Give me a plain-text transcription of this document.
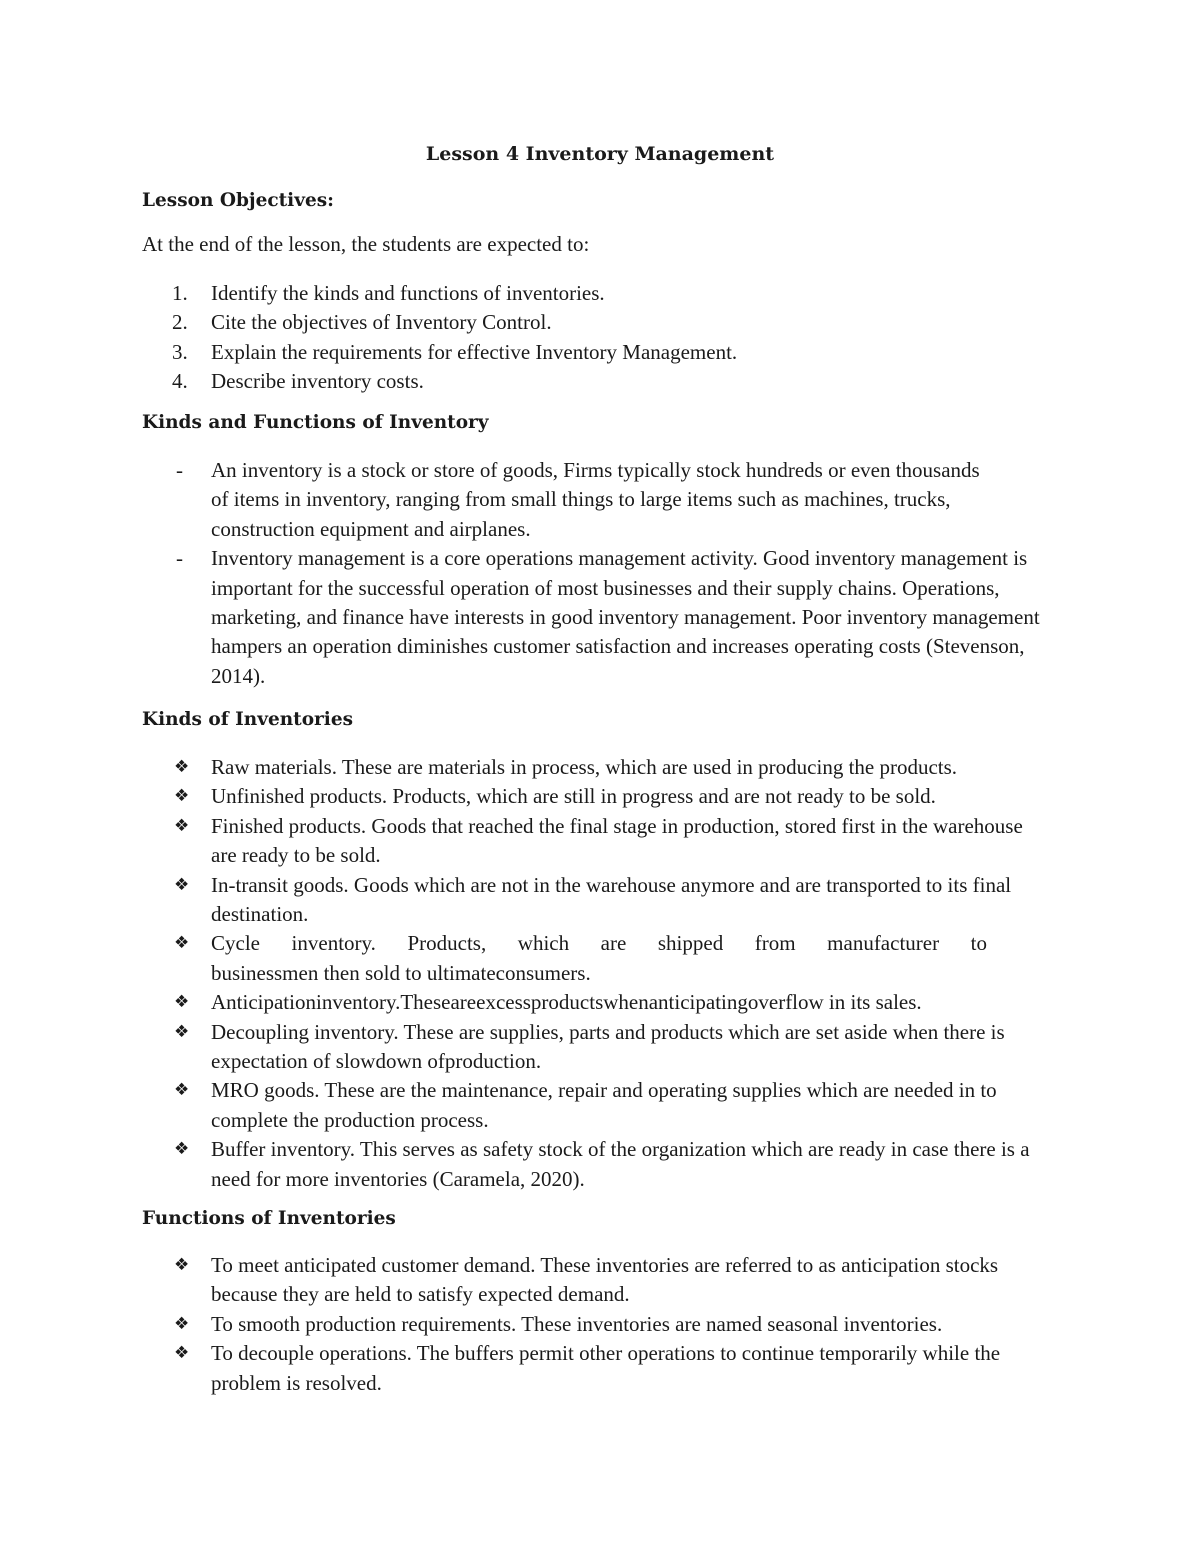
Lesson 4 Inventory Management
Lesson Objectives:

At the end of the lesson, the students are expected to:

1. Identify the kinds and functions of inventories.
2. Cite the objectives of Inventory Control.
3. Explain the requirements for effective Inventory Management.
4. Describe inventory costs.
Kinds and Functions of Inventory
- An inventory is a stock or store of goods, Firms typically stock hundreds or even thousands of items in inventory, ranging from small things to large items such as machines, trucks, construction equipment and airplanes.
- Inventory management is a core operations management activity. Good inventory management is important for the successful operation of most businesses and their supply chains. Operations, marketing, and finance have interests in good inventory management. Poor inventory management hampers an operation diminishes customer satisfaction and increases operating costs (Stevenson, 2014).
Kinds of Inventories
❖ Raw materials. These are materials in process, which are used in producing the products.
❖ Unfinished products. Products, which are still in progress and are not ready to be sold.
❖ Finished products. Goods that reached the final stage in production, stored first in the warehouse are ready to be sold.
❖ In-transit goods. Goods which are not in the warehouse anymore and are transported to its final destination.
❖ Cycle inventory. Products, which are shipped from manufacturer to
businessmen then sold to ultimateconsumers.
❖ Anticipationinventory.Theseareexcessproductswhenanticipatingoverflow in its sales.
❖ Decoupling inventory. These are supplies, parts and products which are set aside when there is expectation of slowdown ofproduction.
❖ MRO goods. These are the maintenance, repair and operating supplies which are needed in to complete the production process.
❖ Buffer inventory. This serves as safety stock of the organization which are ready in case there is a need for more inventories (Caramela, 2020).
Functions of Inventories
❖ To meet anticipated customer demand. These inventories are referred to as anticipation stocks because they are held to satisfy expected demand.
❖ To smooth production requirements. These inventories are named seasonal inventories.
❖ To decouple operations. The buffers permit other operations to continue temporarily while the problem is resolved.
